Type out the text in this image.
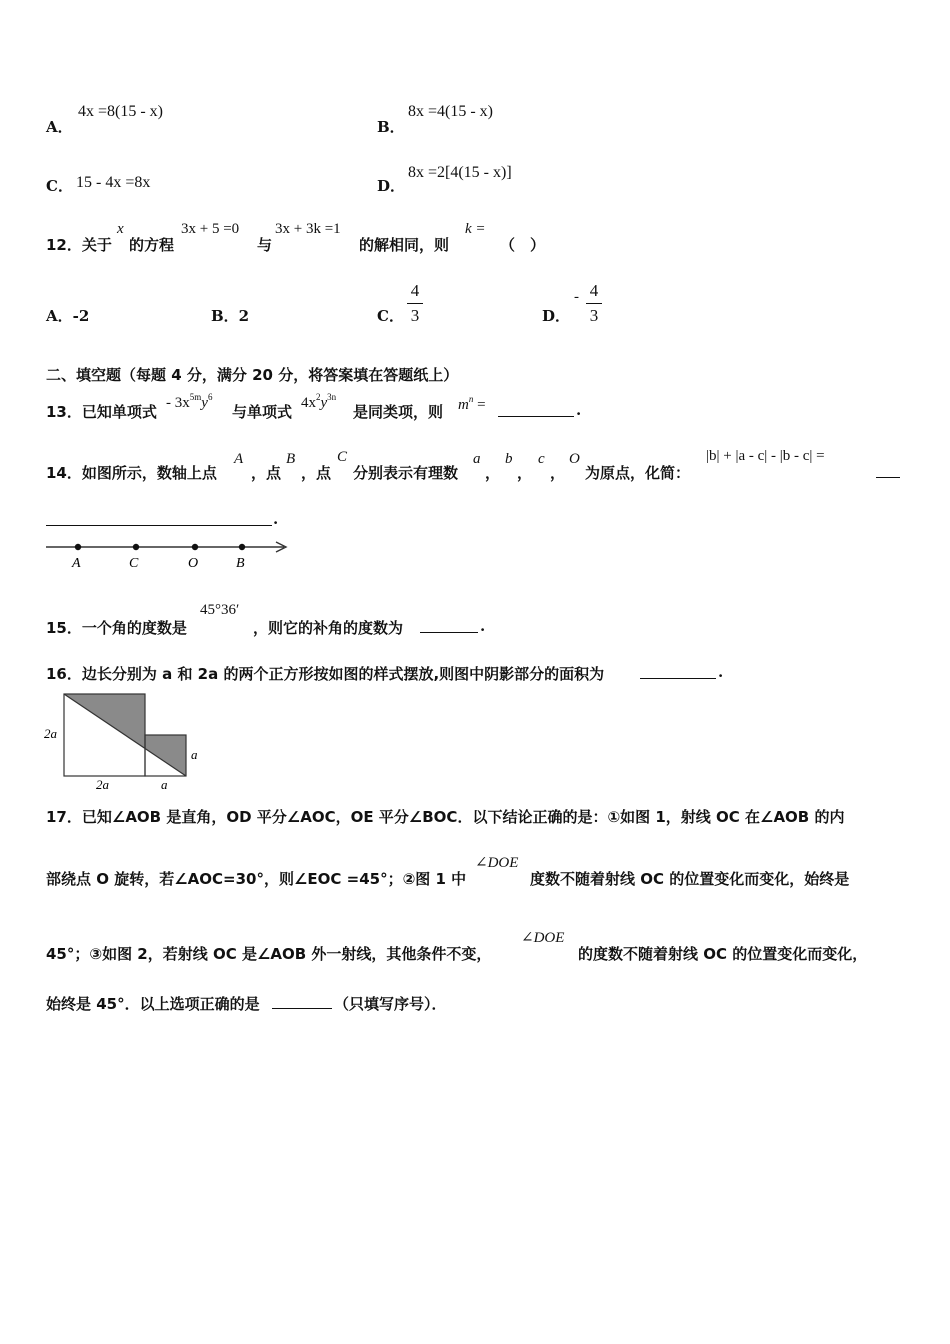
A．
4x =8(15 - x)
B．
8x =4(15 - x)
C． 15 - 4x =8x	D．
8x =2[4(15 - x)]
12．关于
x
的方程
3x + 5 =0
与
3x + 3k =1
的解相同，则
k =
（　）
A．-2	B．2	C．
4
3	D．
- 4
3
二、填空题（每题 4 分，满分 20 分，将答案填在答题纸上）
13．已知单项式 - $3x^{5m}y^6$
与单项式 $4x^2y^{3n}$
是同类项，则 $m^n$ =	.
14．如图所示，数轴上点
A
，点
B
，点
C
分别表示有理数
a
，
b
，
c
，
O
为原点，化简：
|b| + |a - c| - |b - c| =
.
A	C	O	B
15．一个角的度数是
45°36′
，则它的补角的度数为	.
16．边长分别为 a 和 2a 的两个正方形按如图的样式摆放,则图中阴影部分的面积为	.
2a
2a	a
a
17．已知∠AOB 是直角，OD 平分∠AOC，OE 平分∠BOC．以下结论正确的是：①如图 1，射线 OC 在∠AOB 的内
部绕点 O 旋转，若∠AOC=30°，则∠EOC =45°；②图 1 中
∠DOE
度数不随着射线 OC 的位置变化而变化，始终是
45°；③如图 2，若射线 OC 是∠AOB 外一射线，其他条件不变，
∠DOE
的度数不随着射线 OC 的位置变化而变化，
始终是 45°．以上选项正确的是	（只填写序号）．
